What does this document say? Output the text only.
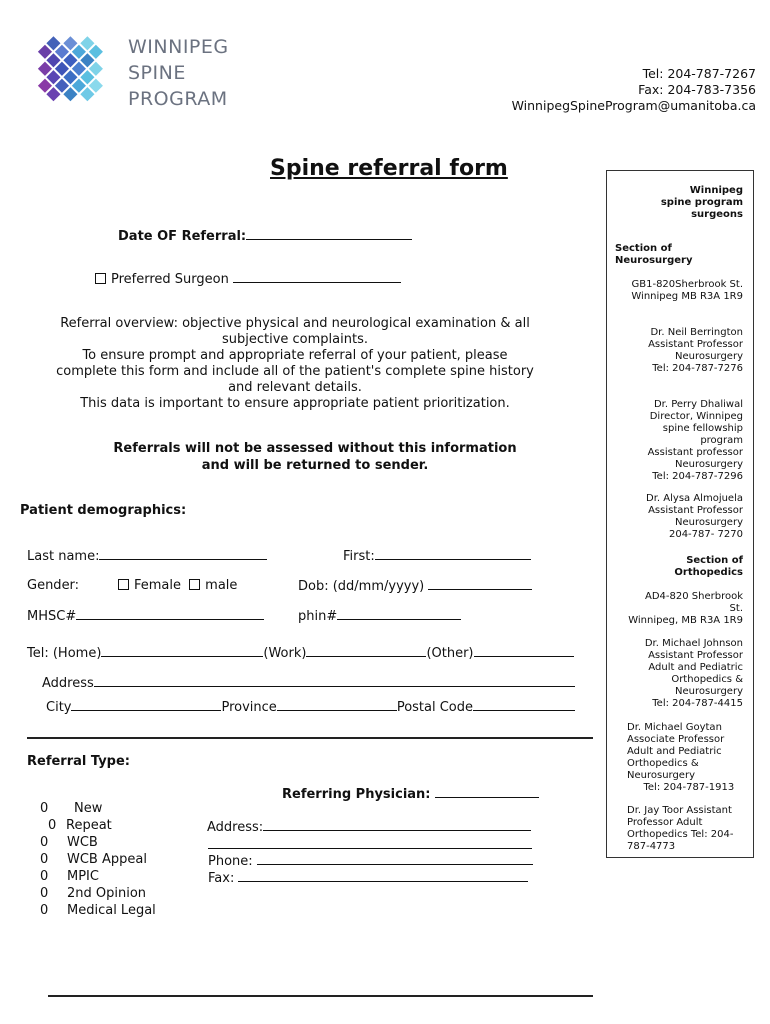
WINNIPEG
SPINE
PROGRAM
Tel: 204-787-7267
Fax: 204-783-7356
WinnipegSpineProgram@umanitoba.ca
Spine referral form
Date OF Referral:
Preferred Surgeon
Referral overview: objective physical and neurological examination & all
subjective complaints.
To ensure prompt and appropriate referral of your patient, please
complete this form and include all of the patient's complete spine history
and relevant details.
This data is important to ensure appropriate patient prioritization.
Referrals will not be assessed without this information
and will be returned to sender.
Patient demographics:
Last name:	First:
Gender:	Female male	Dob: (dd/mm/yyyy)
MHSC#	phin#
Tel: (Home)	(Work)	(Other)
Address
City	Province	Postal Code
Referral Type:
0 New
0 Repeat
0 WCB
0 WCB Appeal
0 MPIC
0 2nd Opinion
0 Medical Legal
Referring Physician:
Address:
Phone:
Fax:
Winnipeg
spine program
surgeons
Section of
Neurosurgery
GB1-820Sherbrook St.
Winnipeg MB R3A 1R9
Dr. Neil Berrington
Assistant Professor
Neurosurgery
Tel: 204-787-7276
Dr. Perry Dhaliwal
Director, Winnipeg
spine fellowship
program
Assistant professor
Neurosurgery
Tel: 204-787-7296
Dr. Alysa Almojuela
Assistant Professor
Neurosurgery
204-787- 7270
Section of
Orthopedics
AD4-820 Sherbrook
St.
Winnipeg, MB R3A 1R9
Dr. Michael Johnson
Assistant Professor
Adult and Pediatric
Orthopedics &
Neurosurgery
Tel: 204-787-4415
Dr. Michael Goytan
Associate Professor
Adult and Pediatric
Orthopedics &
Neurosurgery
Tel: 204-787-1913
Dr. Jay Toor Assistant
Professor Adult
Orthopedics Tel: 204-
787-4773
